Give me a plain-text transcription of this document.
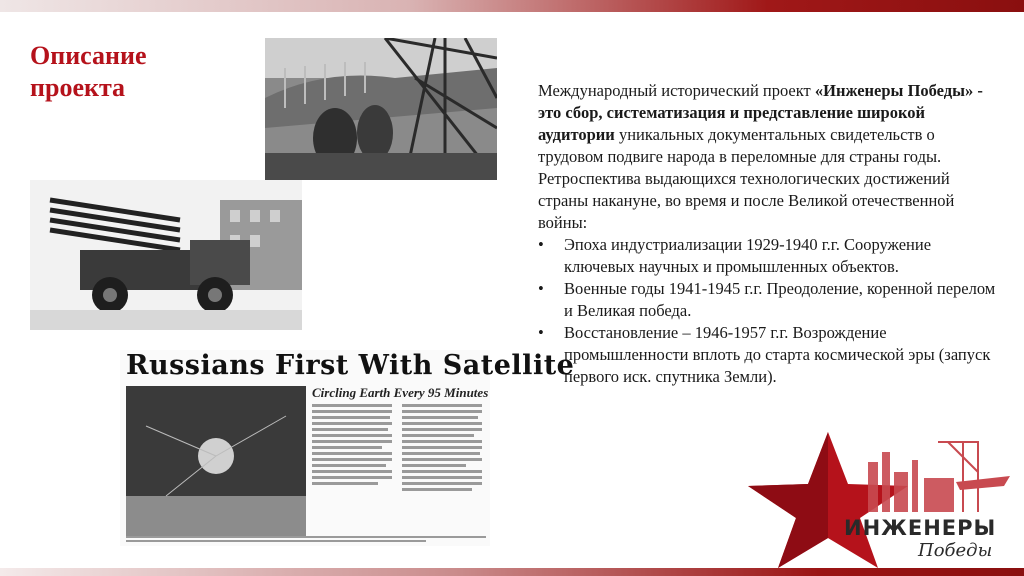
Описание
проекта
Russians First With Satellite
Circling Earth Every 95 Minutes

Международный исторический проект «Инженеры Победы» - это сбор, систематизация и представление широкой аудитории уникальных документальных свидетельств о трудовом подвиге народа в переломные для страны годы.

Ретроспектива выдающихся технологических достижений страны накануне, во время и после Великой отечественной войны:

• Эпоха индустриализации 1929-1940 г.г. Сооружение ключевых научных и промышленных объектов.
• Военные годы 1941-1945 г.г. Преодоление, коренной перелом и Великая победа.
• Восстановление – 1946-1957 г.г. Возрождение промышленности вплоть до старта космической эры (запуск первого иск. спутника Земли).
ИНЖЕНЕРЫ
Победы
